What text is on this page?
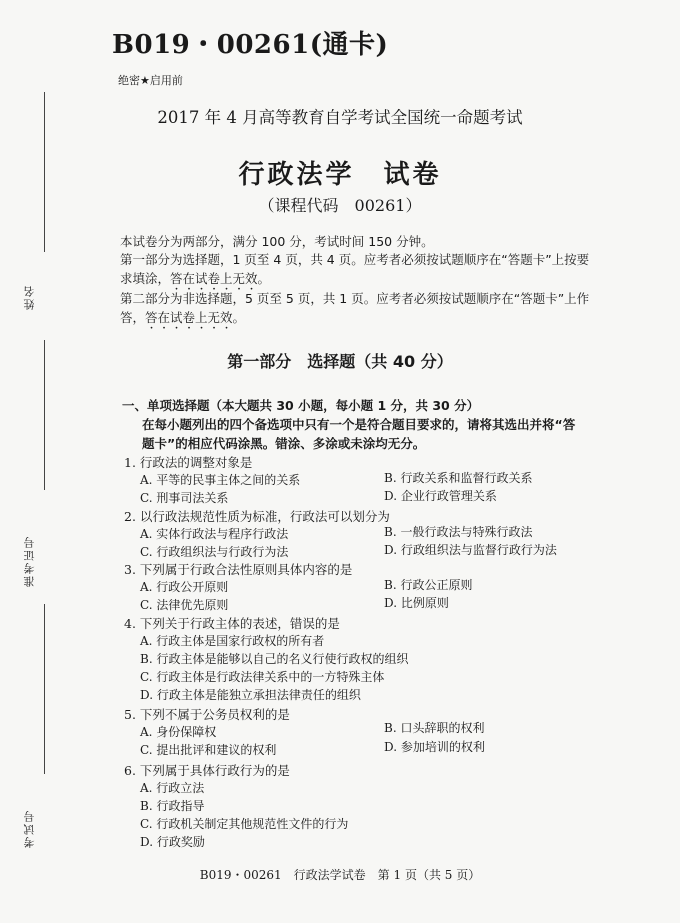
B019・00261(通卡)
绝密★启用前
2017 年 4 月高等教育自学考试全国统一命题考试
行政法学　试卷
（课程代码　00261）
姓名
准考证号
考试号
本试卷分为两部分，满分 100 分，考试时间 150 分钟。
第一部分为选择题，1 页至 4 页，共 4 页。应考者必须按试题顺序在“答题卡”上按要
求填涂，答在试卷上无效。
第二部分为非选择题，5 页至 5 页，共 1 页。应考者必须按试题顺序在“答题卡”上作
答，答在试卷上无效。
第一部分　选择题（共 40 分）
一、单项选择题（本大题共 30 小题，每小题 1 分，共 30 分）
在每小题列出的四个备选项中只有一个是符合题目要求的，请将其选出并将“答
题卡”的相应代码涂黑。错涂、多涂或未涂均无分。
1. 行政法的调整对象是
A. 平等的民事主体之间的关系	B. 行政关系和监督行政关系
C. 刑事司法关系	D. 企业行政管理关系
2. 以行政法规范性质为标准，行政法可以划分为
A. 实体行政法与程序行政法	B. 一般行政法与特殊行政法
C. 行政组织法与行政行为法	D. 行政组织法与监督行政行为法
3. 下列属于行政合法性原则具体内容的是
A. 行政公开原则	B. 行政公正原则
C. 法律优先原则	D. 比例原则
4. 下列关于行政主体的表述，错误的是
A. 行政主体是国家行政权的所有者
B. 行政主体是能够以自己的名义行使行政权的组织
C. 行政主体是行政法律关系中的一方特殊主体
D. 行政主体是能独立承担法律责任的组织
5. 下列不属于公务员权利的是
A. 身份保障权	B. 口头辞职的权利
C. 提出批评和建议的权利	D. 参加培训的权利
6. 下列属于具体行政行为的是
A. 行政立法
B. 行政指导
C. 行政机关制定其他规范性文件的行为
D. 行政奖励
B019・00261　行政法学试卷　第 1 页（共 5 页）
